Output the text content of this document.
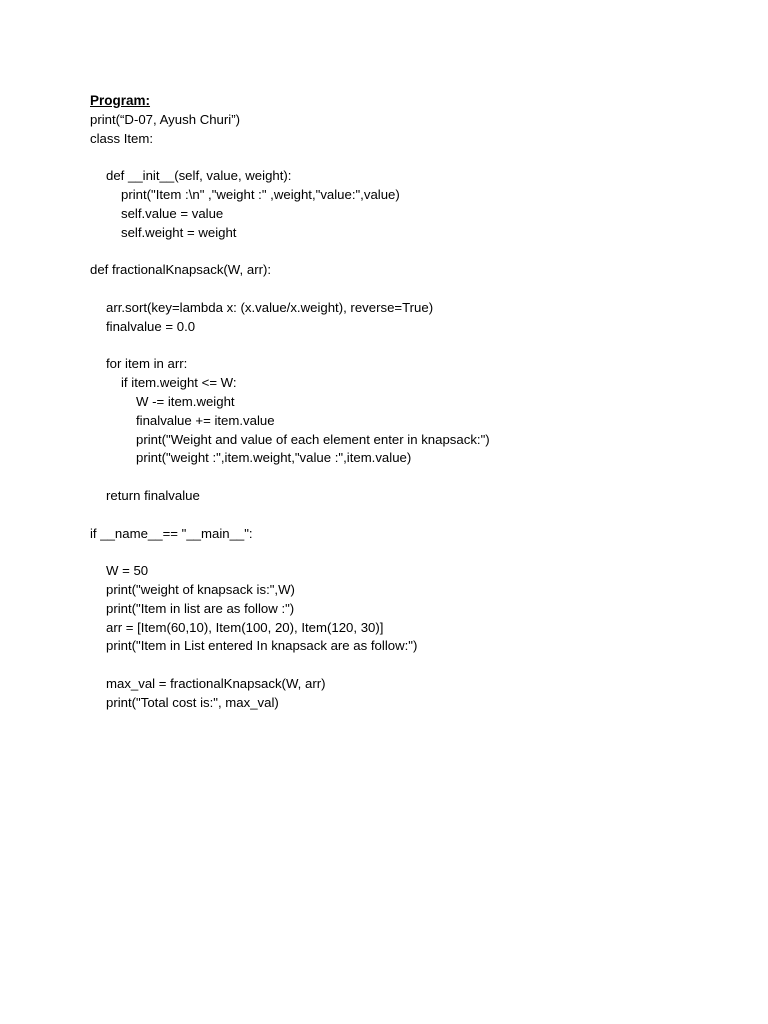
Program:
print(“D-07, Ayush Churi”)
class Item:
def __init__(self, value, weight):
print("Item :\n" ,"weight :" ,weight,"value:",value)
self.value = value
self.weight = weight
def fractionalKnapsack(W, arr):
arr.sort(key=lambda x: (x.value/x.weight), reverse=True)
finalvalue = 0.0
for item in arr:
if item.weight <= W:
W -= item.weight
finalvalue += item.value
print("Weight and value of each element enter in knapsack:")
print("weight :",item.weight,"value :",item.value)
return finalvalue
if __name__== "__main__":
W = 50
print("weight of knapsack is:",W)
print("Item in list are as follow :")
arr = [Item(60,10), Item(100, 20), Item(120, 30)]
print("Item in List entered In knapsack are as follow:")
max_val = fractionalKnapsack(W, arr)
print("Total cost is:", max_val)
